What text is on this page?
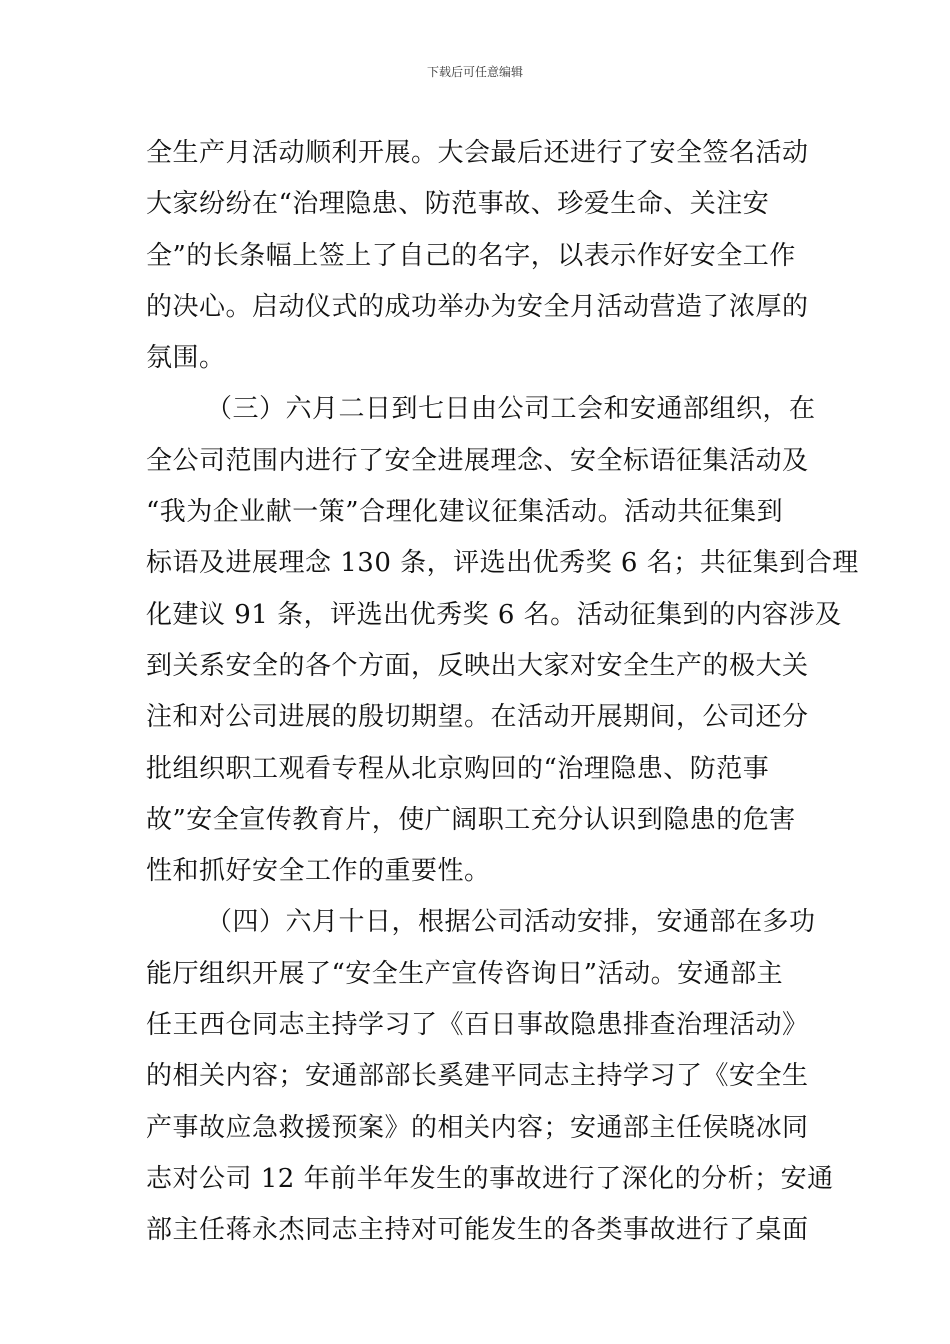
下载后可任意编辑
全生产月活动顺利开展。大会最后还进行了安全签名活动
大家纷纷在“治理隐患、防范事故、珍爱生命、关注安
全”的长条幅上签上了自己的名字，以表示作好安全工作
的决心。启动仪式的成功举办为安全月活动营造了浓厚的
氛围。
（三）六月二日到七日由公司工会和安通部组织，在
全公司范围内进行了安全进展理念、安全标语征集活动及
“我为企业献一策”合理化建议征集活动。活动共征集到
标语及进展理念 130 条，评选出优秀奖 6 名；共征集到合理
化建议 91 条，评选出优秀奖 6 名。活动征集到的内容涉及
到关系安全的各个方面，反映出大家对安全生产的极大关
注和对公司进展的殷切期望。在活动开展期间，公司还分
批组织职工观看专程从北京购回的“治理隐患、防范事
故”安全宣传教育片，使广阔职工充分认识到隐患的危害
性和抓好安全工作的重要性。
（四）六月十日，根据公司活动安排，安通部在多功
能厅组织开展了“安全生产宣传咨询日”活动。安通部主
任王西仓同志主持学习了《百日事故隐患排查治理活动》
的相关内容；安通部部长奚建平同志主持学习了《安全生
产事故应急救援预案》的相关内容；安通部主任侯晓冰同
志对公司 12 年前半年发生的事故进行了深化的分析；安通
部主任蒋永杰同志主持对可能发生的各类事故进行了桌面
